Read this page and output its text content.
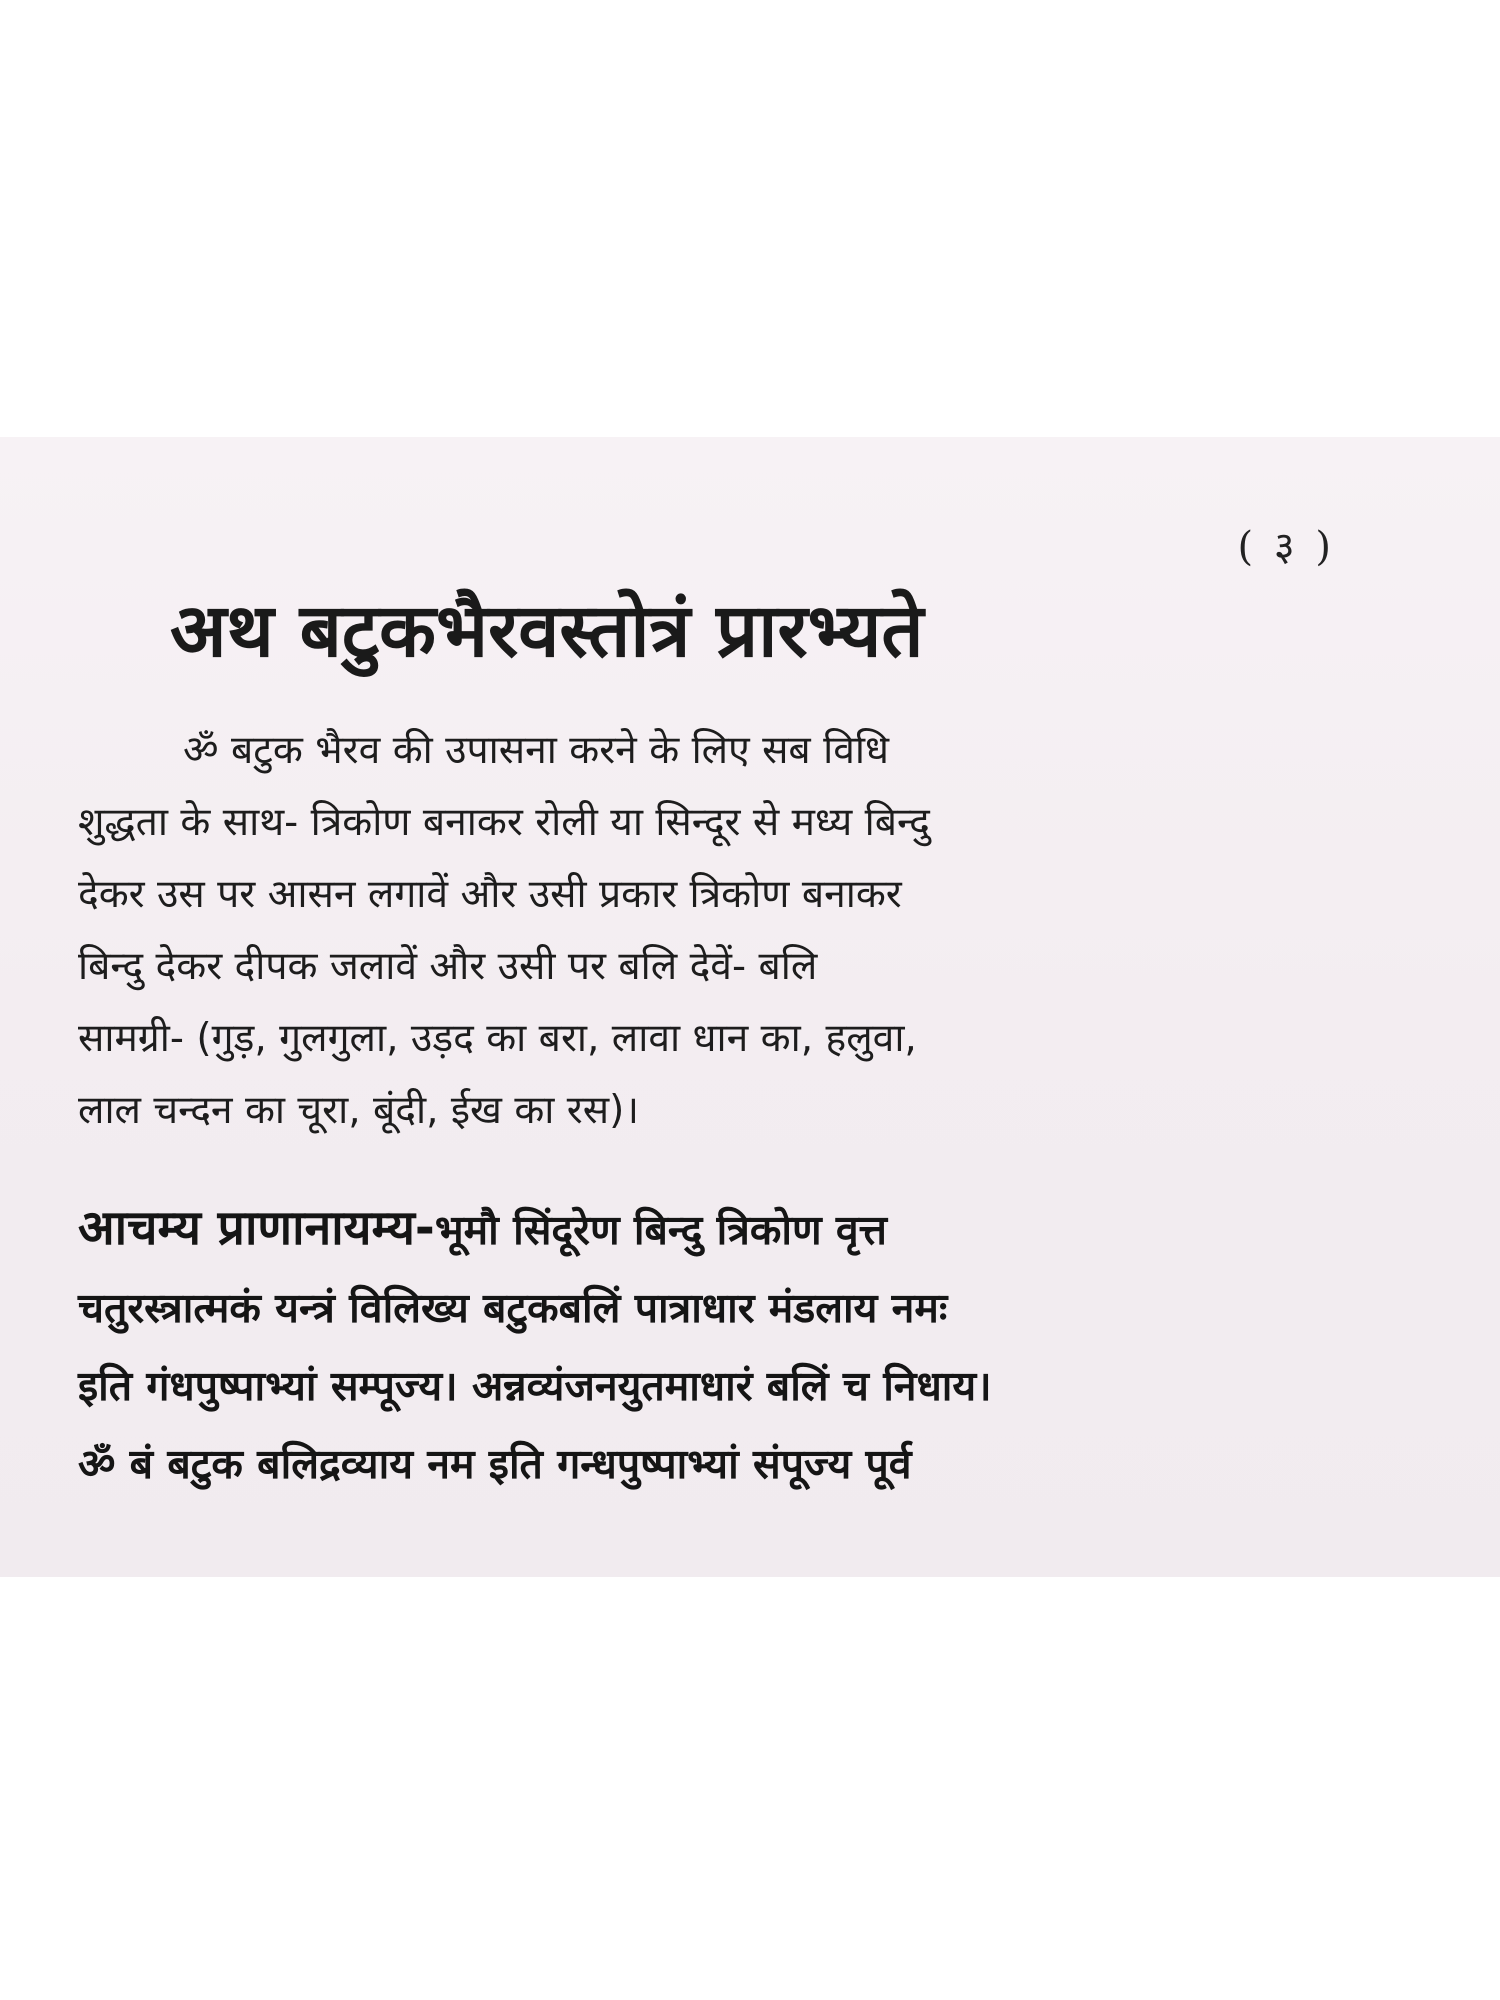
( ३ )
अथ बटुकभैरवस्तोत्रं प्रारभ्यते
ॐ बटुक भैरव की उपासना करने के लिए सब विधि
शुद्धता के साथ- त्रिकोण बनाकर रोली या सिन्दूर से मध्य बिन्दु
देकर उस पर आसन लगावें और उसी प्रकार त्रिकोण बनाकर
बिन्दु देकर दीपक जलावें और उसी पर बलि देवें- बलि
सामग्री- (गुड़, गुलगुला, उड़द का बरा, लावा धान का, हलुवा,
लाल चन्दन का चूरा, बूंदी, ईख का रस)।
आचम्य प्राणानायम्य-भूमौ सिंदूरेण बिन्दु त्रिकोण वृत्त
चतुरस्त्रात्मकं यन्त्रं विलिख्य बटुकबलिं पात्राधार मंडलाय नमः
इति गंधपुष्पाभ्यां सम्पूज्य। अन्नव्यंजनयुतमाधारं बलिं च निधाय।
ॐ बं बटुक बलिद्रव्याय नम इति गन्धपुष्पाभ्यां संपूज्य पूर्व
